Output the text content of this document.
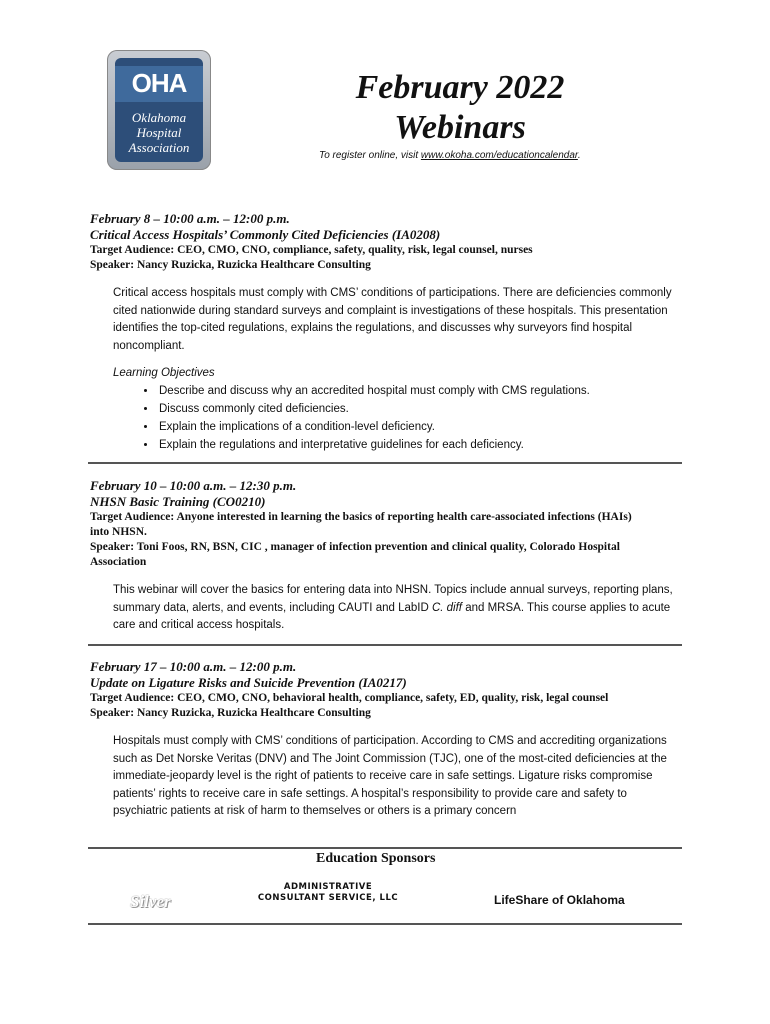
OHA
Oklahoma
Hospital
Association
February 2022
Webinars
To register online, visit www.okoha.com/educationcalendar.
February 8 – 10:00 a.m. – 12:00 p.m.
Critical Access Hospitals’ Commonly Cited Deficiencies (IA0208)
Target Audience: CEO, CMO, CNO, compliance, safety, quality, risk, legal counsel, nurses
Speaker: Nancy Ruzicka, Ruzicka Healthcare Consulting
Critical access hospitals must comply with CMS’ conditions of participations. There are deficiencies commonly cited nationwide during standard surveys and complaint is investigations of these hospitals. This presentation identifies the top-cited regulations, explains the regulations, and discusses why surveyors find hospital noncompliant.
Learning Objectives
• Describe and discuss why an accredited hospital must comply with CMS regulations.
• Discuss commonly cited deficiencies.
• Explain the implications of a condition-level deficiency.
• Explain the regulations and interpretative guidelines for each deficiency.
February 10 – 10:00 a.m. – 12:30 p.m.
NHSN Basic Training (CO0210)
Target Audience: Anyone interested in learning the basics of reporting health care-associated infections (HAIs) into NHSN.
Speaker: Toni Foos, RN, BSN, CIC , manager of infection prevention and clinical quality, Colorado Hospital Association
This webinar will cover the basics for entering data into NHSN. Topics include annual surveys, reporting plans, summary data, alerts, and events, including CAUTI and LabID C. diff and MRSA. This course applies to acute care and critical access hospitals.
February 17 – 10:00 a.m. – 12:00 p.m.
Update on Ligature Risks and Suicide Prevention (IA0217)
Target Audience: CEO, CMO, CNO, behavioral health, compliance, safety, ED, quality, risk, legal counsel
Speaker: Nancy Ruzicka, Ruzicka Healthcare Consulting
Hospitals must comply with CMS’ conditions of participation. According to CMS and accrediting organizations such as Det Norske Veritas (DNV) and The Joint Commission (TJC), one of the most-cited deficiencies at the immediate-jeopardy level is the right of patients to receive care in safe settings. Ligature risks compromise patients’ rights to receive care in safe settings. A hospital’s responsibility to provide care and safety to psychiatric patients at risk of harm to themselves or others is a primary concern
Education Sponsors
Silver
ADMINISTRATIVE
CONSULTANT SERVICE, LLC	LifeShare of Oklahoma
